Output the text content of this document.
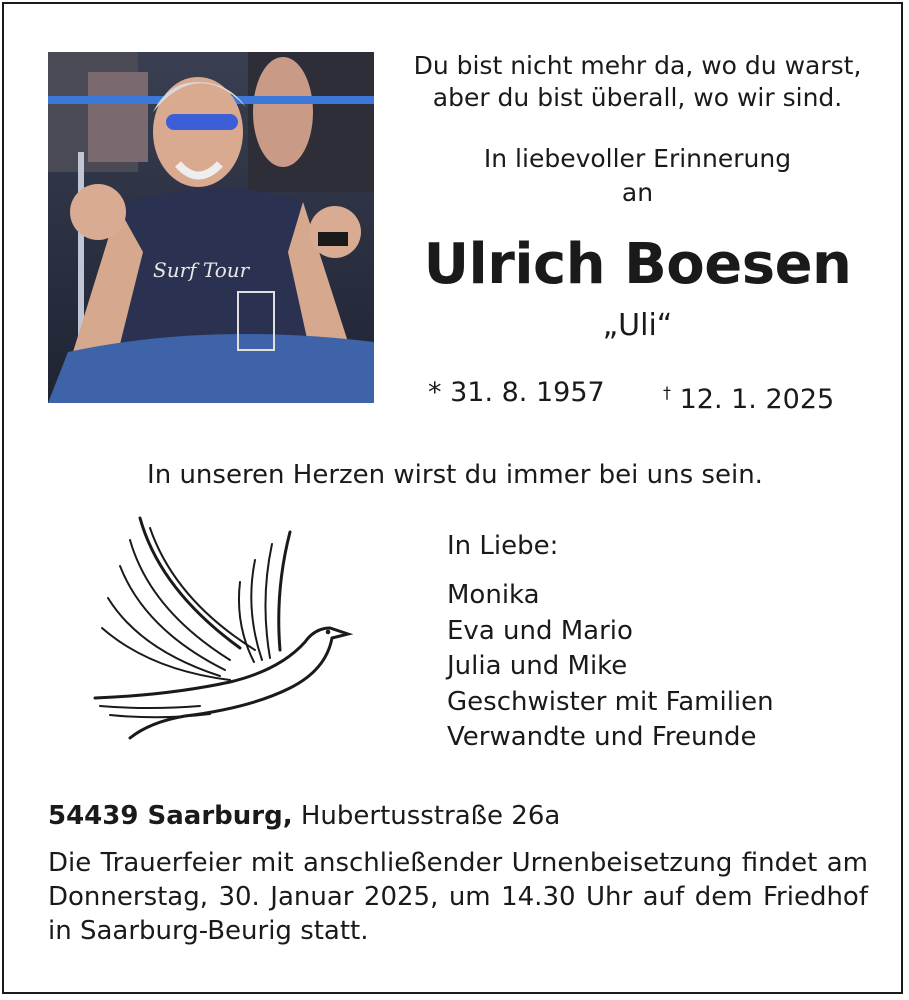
Surf Tour
Du bist nicht mehr da, wo du warst,
aber du bist überall, wo wir sind.
In liebevoller Erinnerung
an
Ulrich Boesen
„Uli“
* 31. 8. 1957	† 12. 1. 2025
In unseren Herzen wirst du immer bei uns sein.
In Liebe:
Monika
Eva und Mario
Julia und Mike
Geschwister mit Familien
Verwandte und Freunde
54439 Saarburg, Hubertusstraße 26a
Die Trauerfeier mit anschließender Urnenbeisetzung findet am Donnerstag, 30. Januar 2025, um 14.30 Uhr auf dem Friedhof in Saarburg-Beurig statt.
